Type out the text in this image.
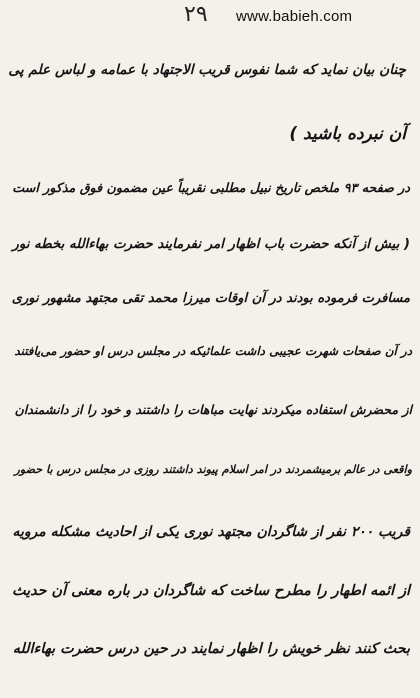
۲۹ www.babieh.com
چنان بیان نماید که شما نفوس قریب الاجتهاد با عمامه و لباس علم پی
آن نبرده باشید )
در صفحه ۹۳ ملخص تاریخ نبیل مطلبی نقریباً عین مضمون فوق مذکور است
( بیش از آنکه حضرت باب اظهار امر نفرمایند حضرت بهاءالله بخطه نور
مسافرت فرموده بودند در آن اوقات میرزا محمد تقی مجتهد مشهور نوری
در آن صفحات شهرت عجیبی داشت علمائیکه در مجلس درس او حضور می‌یافتند
از محضرش استفاده میکردند نهایت مباهات را داشتند و خود را از دانشمندان
واقعی در عالم برمیشمردند در امر اسلام پیوند داشتند روزی در مجلس درس با حضور
قریب ۲۰۰ نفر از شاگردان مجتهد نوری یکی از احادیث مشکله مرویه
از ائمه اطهار را مطرح ساخت که شاگردان در باره معنی آن حدیث
بحث کنند نظر خویش را اظهار نمایند در حین درس حضرت بهاءالله
